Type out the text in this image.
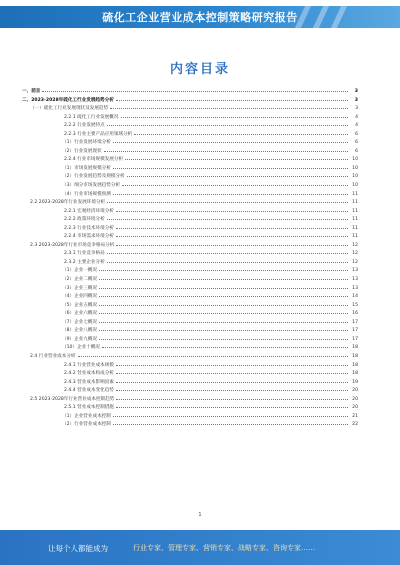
硫化工企业营业成本控制策略研究报告
内容目录
一、前言	3
二、2023-2028年硫化工行业发展趋势分析	3
（一）硫化工行业发展现状及发展趋势	3
2.2.1 硫化工行业发展概况	4
2.2.2 行业发展特点	4
2.2.3 行业主要产品应用领域分析	6
（1）行业发展环境分析	6
（2）行业发展现状	6
2.2.4 行业市场规模发展分析	10
（1）市场发展规模分析	10
（2）行业发展趋势及规模分析	10
（3）细分市场发展趋势分析	10
（4）行业市场规模预测	11
2.2 2023-2028年行业发展环境分析	11
2.2.1 宏观经济环境分析	11
2.2.2 政策环境分析	11
2.2.3 行业技术环境分析	11
2.2.4 市场需求环境分析	11
2.3 2023-2028年行业市场竞争格局分析	12
2.3.1 行业竞争格局	12
2.3.2 主要企业分析	12
（1）企业一概况	13
（2）企业二概况	13
（3）企业三概况	13
（4）企业四概况	14
（5）企业五概况	15
（6）企业六概况	16
（7）企业七概况	17
（8）企业八概况	17
（9）企业九概况	17
（10）企业十概况	18
2.4 行业营业成本分析	18
2.4.1 行业营业成本规模	18
2.4.2 营业成本构成分析	18
2.4.3 营业成本影响因素	19
2.4.4 营业成本变化趋势	20
2.5 2023-2028年行业营业成本控制趋势	20
2.5.1 营业成本控制措施	20
（1）企业营业成本控制	21
（2）行业营业成本控制	22
1
让每个人都能成为	行业专家、管理专家、营销专家、战略专家、咨询专家……
